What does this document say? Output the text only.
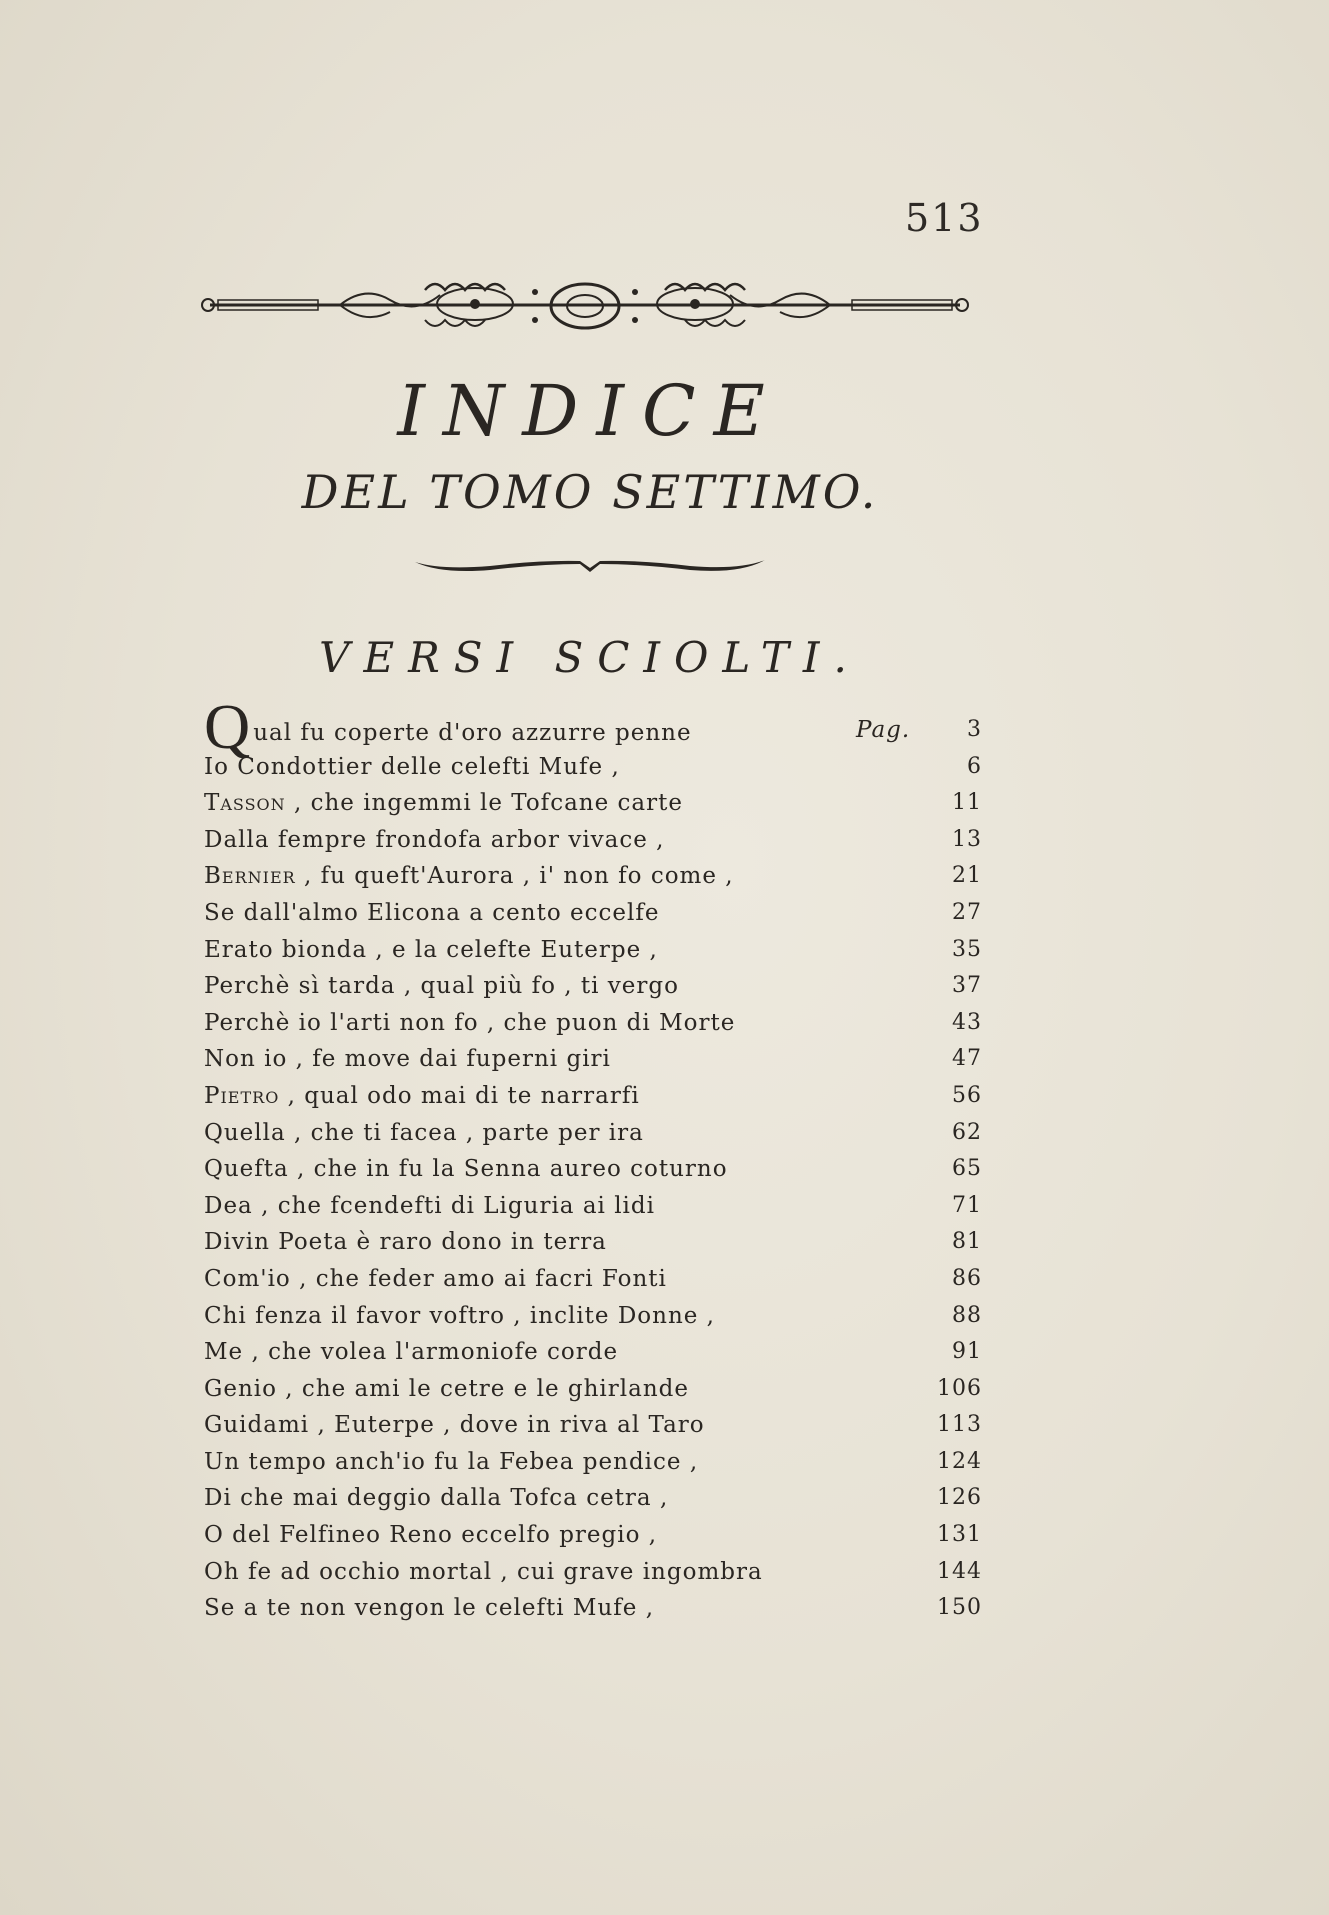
513
INDICE
DEL TOMO SETTIMO.
VERSI SCIOLTI.
Qual fu coperte d'oro azzurre penne	Pag.	3
Io Condottier delle celefti Mufe ,	6
Tasson , che ingemmi le Tofcane carte	11
Dalla fempre frondofa arbor vivace ,	13
Bernier , fu queft'Aurora , i' non fo come ,	21
Se dall'almo Elicona a cento eccelfe	27
Erato bionda , e la celefte Euterpe ,	35
Perchè sì tarda , qual più fo , ti vergo	37
Perchè io l'arti non fo , che puon di Morte	43
Non io , fe move dai fuperni giri	47
Pietro , qual odo mai di te narrarfi	56
Quella , che ti facea , parte per ira	62
Quefta , che in fu la Senna aureo coturno	65
Dea , che fcendefti di Liguria ai lidi	71
Divin Poeta è raro dono in terra	81
Com'io , che feder amo ai facri Fonti	86
Chi fenza il favor voftro , inclite Donne ,	88
Me , che volea l'armoniofe corde	91
Genio , che ami le cetre e le ghirlande	106
Guidami , Euterpe , dove in riva al Taro	113
Un tempo anch'io fu la Febea pendice ,	124
Di che mai deggio dalla Tofca cetra ,	126
O del Felfineo Reno eccelfo pregio ,	131
Oh fe ad occhio mortal , cui grave ingombra	144
Se a te non vengon le celefti Mufe ,	150
